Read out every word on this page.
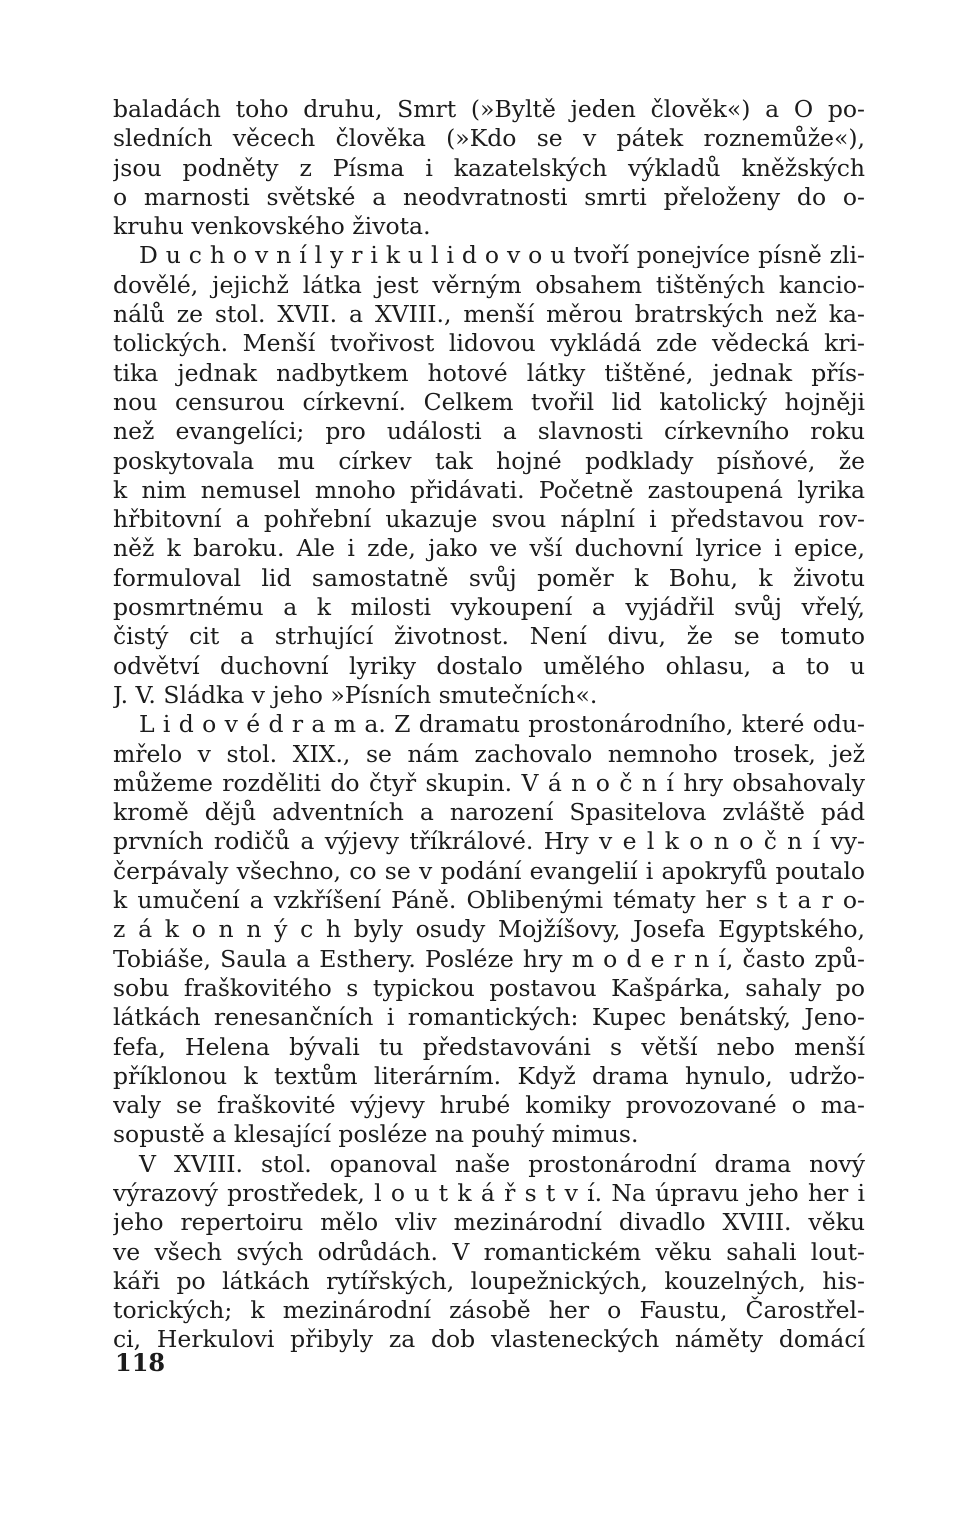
baladách toho druhu, Smrt (»Byltě jeden člověk«) a O po-
sledních věcech člověka (»Kdo se v pátek roznemůže«),
jsou podněty z Písma i kazatelských výkladů kněžských
o marnosti světské a neodvratnosti smrti přeloženy do o-
kruhu venkovského života.
D u c h o v n í l y r i k u l i d o v o u tvoří ponejvíce písně zli-
dovělé, jejichž látka jest věrným obsahem tištěných kancio-
nálů ze stol. XVII. a XVIII., menší měrou bratrských než ka-
tolických. Menší tvořivost lidovou vykládá zde vědecká kri-
tika jednak nadbytkem hotové látky tištěné, jednak přís-
nou censurou církevní. Celkem tvořil lid katolický hojněji
než evangelíci; pro události a slavnosti církevního roku
poskytovala mu církev tak hojné podklady písňové, že
k nim nemusel mnoho přidávati. Početně zastoupená lyrika
hřbitovní a pohřební ukazuje svou náplní i představou rov-
něž k baroku. Ale i zde, jako ve vší duchovní lyrice i epice,
formuloval lid samostatně svůj poměr k Bohu, k životu
posmrtnému a k milosti vykoupení a vyjádřil svůj vřelý,
čistý cit a strhující životnost. Není divu, že se tomuto
odvětví duchovní lyriky dostalo umělého ohlasu, a to u
J. V. Sládka v jeho »Písních smutečních«.
L i d o v é d r a m a. Z dramatu prostonárodního, které odu-
mřelo v stol. XIX., se nám zachovalo nemnoho trosek, jež
můžeme rozděliti do čtyř skupin. V á n o č n í hry obsahovaly
kromě dějů adventních a narození Spasitelova zvláště pád
prvních rodičů a výjevy tříkrálové. Hry v e l k o n o č n í vy-
čerpávaly všechno, co se v podání evangelií i apokryfů poutalo
k umučení a vzkříšení Páně. Oblibenými tématy her s t a r o-
z á k o n n ý c h byly osudy Mojžíšovy, Josefa Egyptského,
Tobiáše, Saula a Esthery. Posléze hry m o d e r n í, často způ-
sobu fraškovitého s typickou postavou Kašpárka, sahaly po
látkách renesančních i romantických: Kupec benátský, Jeno-
fefa, Helena bývali tu představováni s větší nebo menší
příklonou k textům literárním. Když drama hynulo, udržo-
valy se fraškovité výjevy hrubé komiky provozované o ma-
sopustě a klesající posléze na pouhý mimus.
V XVIII. stol. opanoval naše prostonárodní drama nový
výrazový prostředek, l o u t k á ř s t v í. Na úpravu jeho her i
jeho repertoiru mělo vliv mezinárodní divadlo XVIII. věku
ve všech svých odrůdách. V romantickém věku sahali lout-
káři po látkách rytířských, loupežnických, kouzelných, his-
torických; k mezinárodní zásobě her o Faustu, Čarostřel-
ci, Herkulovi přibyly za dob vlasteneckých náměty domácí
118
